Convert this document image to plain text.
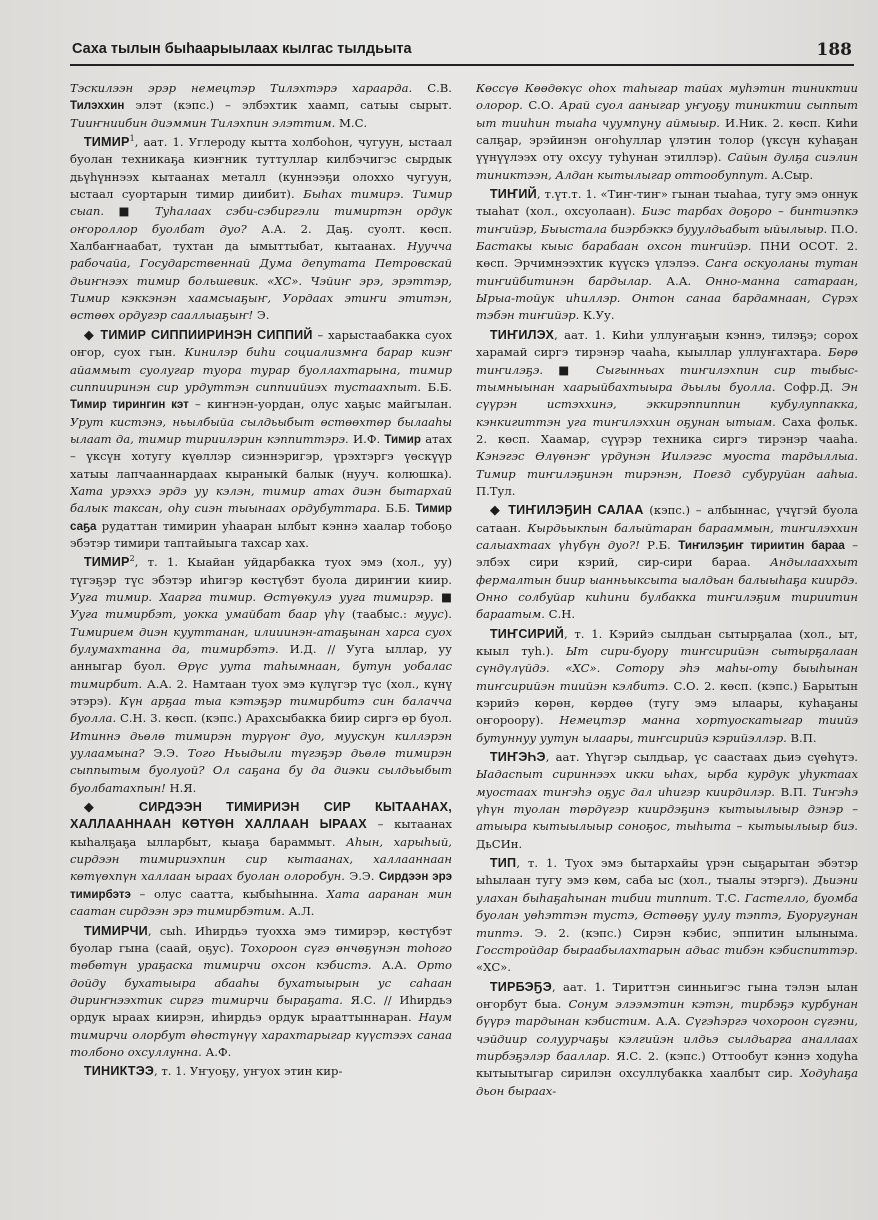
Саха тылын быһаарыылаах кылгас тылдьыта	188

Тэскилээн эрэр немецтэр Тилэхтэрэ хараарда. С.В. Тилэххин элэт (кэпс.) – элбэхтик хаамп, сатыы сырыт. Тииҥниибин диэммин Тилэхпин элэттим. М.С.

ТИМИР$^1$, аат. 1. Углероду кытта холбоһон, чугуун, ыстаал буолан техникаҕа киэҥник туттуллар килбэчигэс сырдык дьүһүннээх кытаанах металл (куннээҕи олоххо чугуун, ыстаал суортарын тимир диибит). Быһах тимирэ. Тимир сыап. ■ Туһалаах сэби-сэбиргэли тимиртэн ордук оҥороллор буолбат дуо? А.А. 2. Даҕ. суолт. көсп. Халбаҥнаабат, тухтан да ымыттыбат, кытаанах. Нуучча рабочайа, Государственнай Дума депутата Петровскай дьиҥнээх тимир большевик. «ХС». Чэйиҥ эрэ, эрэттэр, Тимир кэккэнэн хаамсыаҕыҥ, Уордаах этиҥи этитэн, өстөөх ордугэр сааллыаҕыҥ! Э.

◆ ТИМИР СИППИИРИНЭН СИППИЙ – харыстаабакка суох оҥор, суох гын. Кинилэр биһи социализмҥа барар киэҥ айаммыт суолугар туора турар буоллахтарына, тимир сиппииринэн сир урдуттэн сиппиийиэх тустаахпыт. Б.Б. Тимир тирингин кэт – киҥнэн-уордан, олус хаҕыс майгылан. Урут кистэнэ, ньылбыйа сылдьыбыт өстөөхтөр былааһы ылаат да, тимир тириилэрин кэппиттэрэ. И.Ф. Тимир атах – үксүн хотугу күөллэр сиэннэригэр, үрэхтэргэ үөскүүр хатыы лапчааннардаах кыраныкй балык (нууч. колюшка). Хата урэххэ эрдэ уу кэлэн, тимир атах диэн бытархай балык таксан, оһу сиэн тыынаах ордубуттара. Б.Б. Тимир саҕа рудаттан тимирин уһааран ылбыт кэннэ хаалар тобоҕо эбэтэр тимири таптайыыга тахсар хах.

ТИМИР$^2$, т. 1. Кыайан уйдарбакка туох эмэ (хол., уу) түгэҕэр түс эбэтэр иһигэр көстүбэт буола дириҥии киир. Ууга тимир. Хаарга тимир. Өстүөкулэ ууга тимирэр. ■ Ууга тимирбэт, уокка умайбат баар үһү (таабыс.: муус). Тимирием диэн кууттанан, илииинэн-атаҕынан харса суох булумахтанна да, тимирбэтэ. И.Д. // Ууга ыллар, уу анныгар буол. Өрүс уута таһымнаан, бутун уобалас тимирбит. А.А. 2. Намтаан туох эмэ күлүгэр түс (хол., күнү этэрэ). Күн арҕаа тыа кэтэҕэр тимирбитэ син балачча буолла. С.Н. 3. көсп. (кэпс.) Арахсыбакка биир сиргэ өр буол. Итиннэ дьөлө тимирэн турүоҥ дуо, муускун киллэрэн уулаамына? Э.Э. Того Ньыдыли түгэҕэр дьөлө тимирэн сыппытым буолуой? Ол саҕана бу да диэки сылдьыбыт буолбатахпын! Н.Я.

◆ СИРДЭЭН ТИМИРИЭН СИР КЫТААНАХ, ХАЛЛААННААН КӨТҮӨН ХАЛЛААН ЫРААХ – кытаанах кыһалҕаҕа ылларбыт, кыаҕа бараммыт. Аһын, харыһый, сирдээн тимириэхпин сир кытаанах, халлааннаан көтүөхпүн халлаан ыраах буолан олоробун. Э.Э. Сирдээн эрэ тимирбэтэ – олус саатта, кыбыһынна. Хата ааранан мин саатан сирдээн эрэ тимирбэтим. А.Л.

ТИМИРЧИ, сыһ. Иһирдьэ туохха эмэ тимирэр, көстүбэт буолар гына (саай, оҕус). Тохороон сүгэ өнчөҕүнэн тоһого төбөтүн ураҕаска тимирчи охсон кэбистэ. А.А. Орто дойду бухатыыра абааһы бухатыырын ус саһаан дириҥнээхтик сиргэ тимирчи быраҕата. Я.С. // Иһирдьэ ордук ыраах киирэн, иһирдьэ ордук ырааттыннаран. Наум тимирчи олорбут өһөстүнүү харахтарыгар күүстээх санаа толбоно охсуллуннa. А.Ф.

ТИНИКТЭЭ, т. 1. Уҥуоҕу, уҥуох этин кир-

Көссүө Көөдөкүс оһох таһыгар тайах муһэтин тиниктии олорор. С.О. Арай суол ааныгар уҥуоҕу тиниктии сыппыт ыт тииһин тыаһа чуумпуну аймыыр. И.Ник. 2. көсп. Киһи салҕар, эрэйинэн оҥоһуллар үлэтин толор (үксүн куһаҕан үүнүүлээх оту охсуу туһунан этиллэр). Сайын дулҕа сиэлин тиниктээн, Алдан кытылыгар оттообуппут. А.Сыр.

ТИҤИЙ, т.үт.т. 1. «Тиҥ-тиҥ» гынан тыаһаа, тугу эмэ оннук тыаһат (хол., охсуолаан). Биэс тарбах доҕоро – бинтиэпкэ тиҥийэр, Быыстала биэрбэккэ бууулдьабыт ыйылыыр. П.О. Бастакы кыыс барабаан охсон тиҥийэр. ПНИ ОСОТ. 2. көсп. Эрчимнээхтик күүскэ үлэлээ. Саҥа оскуоланы тутан тиҥийбитинэн бардылар. А.А. Онно-манна сатараан, Ырыа-тойук иһиллэр. Онтон санаа бардамнаан, Сүрэх тэбэн тиҥийэр. К.Уу.

ТИҤИЛЭХ, аат. 1. Киһи уллуҥаҕын кэннэ, тилэҕэ; сорох харамай сиргэ тирэнэр чааһа, кыыллар уллуҥахтара. Бөрө тиҥилэҕэ. ■ Сыгынньах тиҥилэхпин сир тыбыс-тымныынан хаарыйбахтыыра дьылы буолла. Софр.Д. Эн сүүрэн истэххинэ, эккирэппиппин кубулуппакка, кэнкигиттэн уга тиҥилэххин оҕунан ытыам. Саха фольк. 2. көсп. Хаамар, сүүрэр техника сиргэ тирэнэр чааһа. Кэнэгэс Өлүөнэҥ үрдунэн Иилэгэс муоста тардыллыа. Тимир тиҥилэҕинэн тирэнэн, Поезд субуруйан ааһыа. П.Тул.

◆ ТИҤИЛЭҔИН САЛАА (кэпс.) – албыннас, үчүгэй буола сатаан. Кырдьыкпын балыйтаран барааммын, тиҥилэххин салыахтаах үһүбүн дуо?! Р.Б. Тиҥилэҕиҥ тириитин бараа – элбэх сири кэрий, сир-сири бараа. Андылааххыт фермалтын биир ыанньыксыта ыалдьан балыыһаҕа киирдэ. Онно солбуйар киһини булбакка тиҥилэҕим тириитин бараатым. С.Н.

ТИҤСИРИЙ, т. 1. Кэрийэ сылдьан сытырҕалаа (хол., ыт, кыыл туһ.). Ыт сири-буору тиҥсирийэн сытырҕалаан сүндүлүйдэ. «ХС». Сотору эһэ маһы-оту быыһынан тиҥсирийэн тиийэн кэлбитэ. С.О. 2. көсп. (кэпс.) Барытын кэрийэ көрөн, көрдөө (тугу эмэ ылаары, куһаҕаны оҥороору). Немецтэр манна хортуоскатыгар тиийэ бутуннуу уутун ылаары, тиҥсирийэ кэрийэллэр. В.П.

ТИҤЭҺЭ, аат. Үһүгэр сылдьар, үс саастаах дьиэ сүөһүтэ. Ыадаспыт сириннээх икки ыһах, ырба курдук уһуктаах муостаах тиҥэһэ оҕус дал иһигэр киирдилэр. В.П. Тиҥэһэ үһүн туолан төрдүгэр киирдэҕинэ кытыылыыр дэнэр – атыыра кытыылыыр соноҕос, тыһыта – кытыылыыр биэ. ДьСИн.

ТИП, т. 1. Туох эмэ бытархайы үрэн сыҕарытан эбэтэр ыһылаан тугу эмэ көм, саба ыс (хол., тыалы этэргэ). Дьиэни улахан быһаҕаһынан тибии типпит. Т.С. Гастелло, буомба буолан уөһэттэн тустэ, Өстөөҕү уулу тэптэ, Буоругунан типтэ. Э. 2. (кэпс.) Сирэн кэбис, эппитин ылыныма. Госстройдар быраабылахтарын адьас тибэн кэбиспиттэр. «ХС».

ТИРБЭҔЭ, аат. 1. Тириттэн синньигэс гына тэлэн ылан оҥорбут быа. Сонум элээмэтин кэтэн, тирбэҕэ курбунан бүүрэ тардынан кэбистим. А.А. Сүгэһэргэ чохороон сүгэни, чэйдиир солуурчаҕы кэлгийэн илдьэ сылдьарга аналлаах тирбэҕэлэр бааллар. Я.С. 2. (кэпс.) Оттообут кэннэ ходуһа кытыытыгар сирилэн охсуллубакка хаалбыт сир. Ходуһаҕа дьон быраах-
